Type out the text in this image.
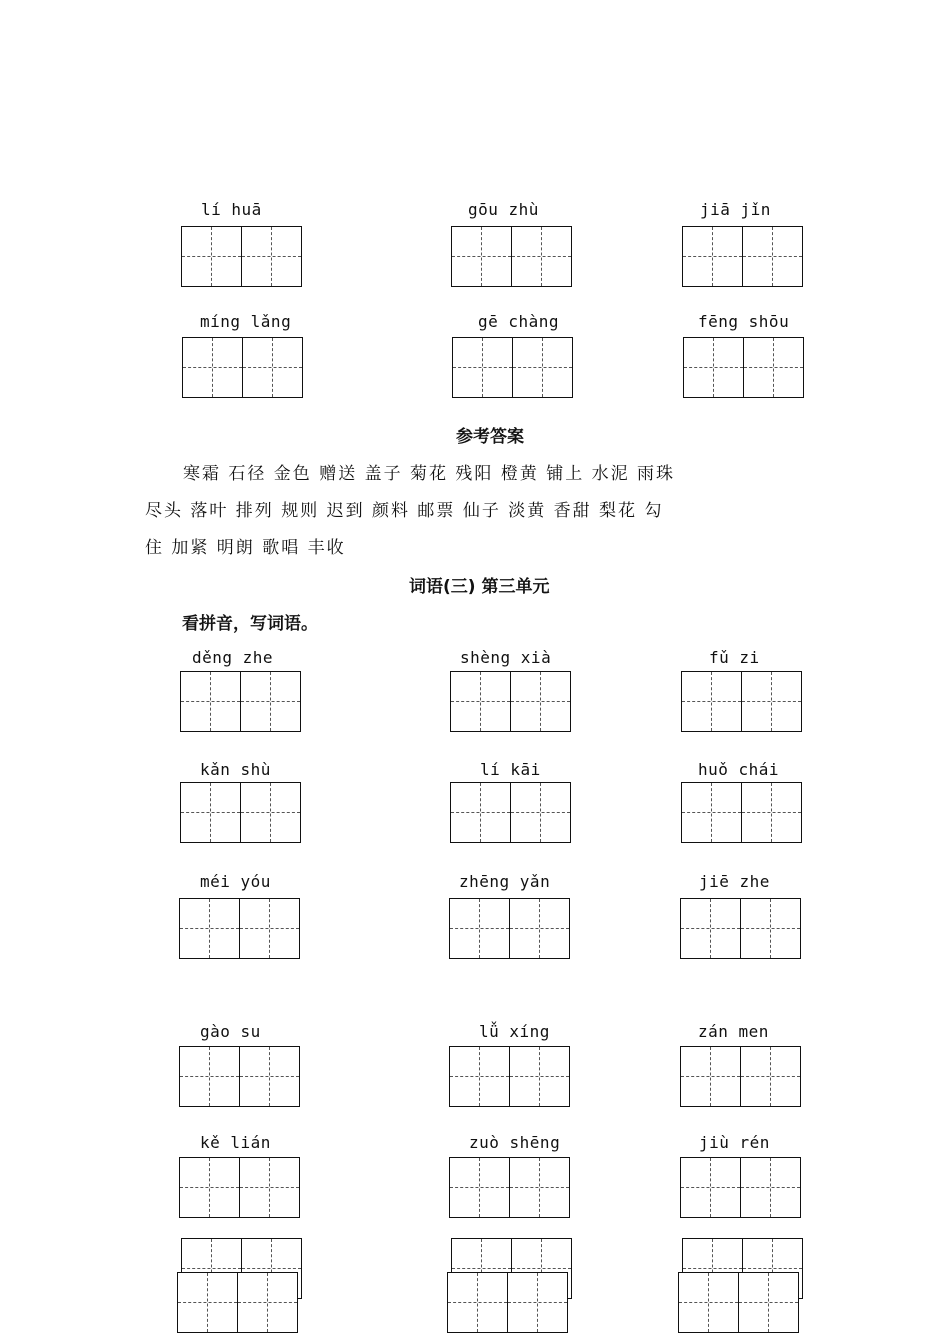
lí huā	gōu zhù	jiā jǐn
míng lǎng	gē chàng	fēng shōu
参考答案
寒霜 石径 金色 赠送 盖子 菊花 残阳 橙黄 铺上 水泥 雨珠
尽头 落叶 排列 规则 迟到 颜料 邮票 仙子 淡黄 香甜 梨花 勾
住 加紧 明朗 歌唱 丰收
词语(三) 第三单元
看拼音，写词语。
děng zhe	shèng xià	fǔ zi
kǎn shù	lí kāi	huǒ chái
méi yóu	zhēng yǎn	jiē zhe
gào su	lǚ xíng	zán men
kě lián	zuò shēng	jiù rén
